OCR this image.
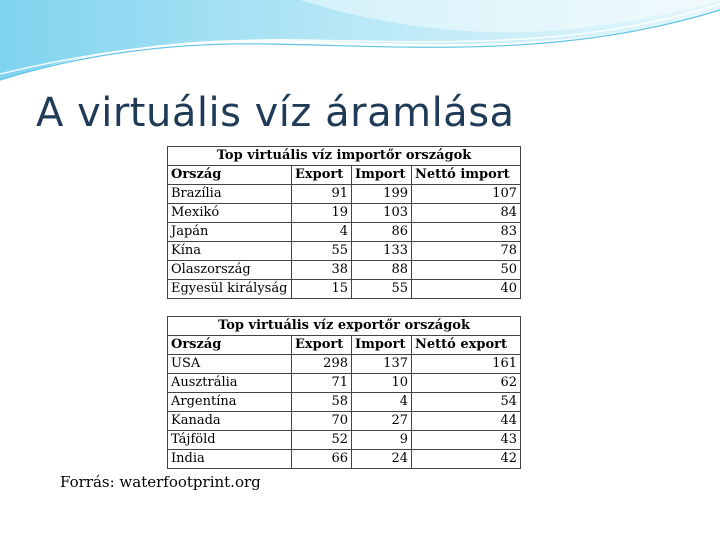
A virtuális víz áramlása
Top virtuális víz importőr országok			
Ország	Export	Import	Nettó import
Brazília	91	199	107
Mexikó	19	103	84
Japán	4	86	83
Kína	55	133	78
Olaszország	38	88	50
Egyesül királyság	15	55	40
Top virtuális víz exportőr országok			
Ország	Export	Import	Nettó export
USA	298	137	161
Ausztrália	71	10	62
Argentína	58	4	54
Kanada	70	27	44
Tájföld	52	9	43
India	66	24	42
Forrás: waterfootprint.org
